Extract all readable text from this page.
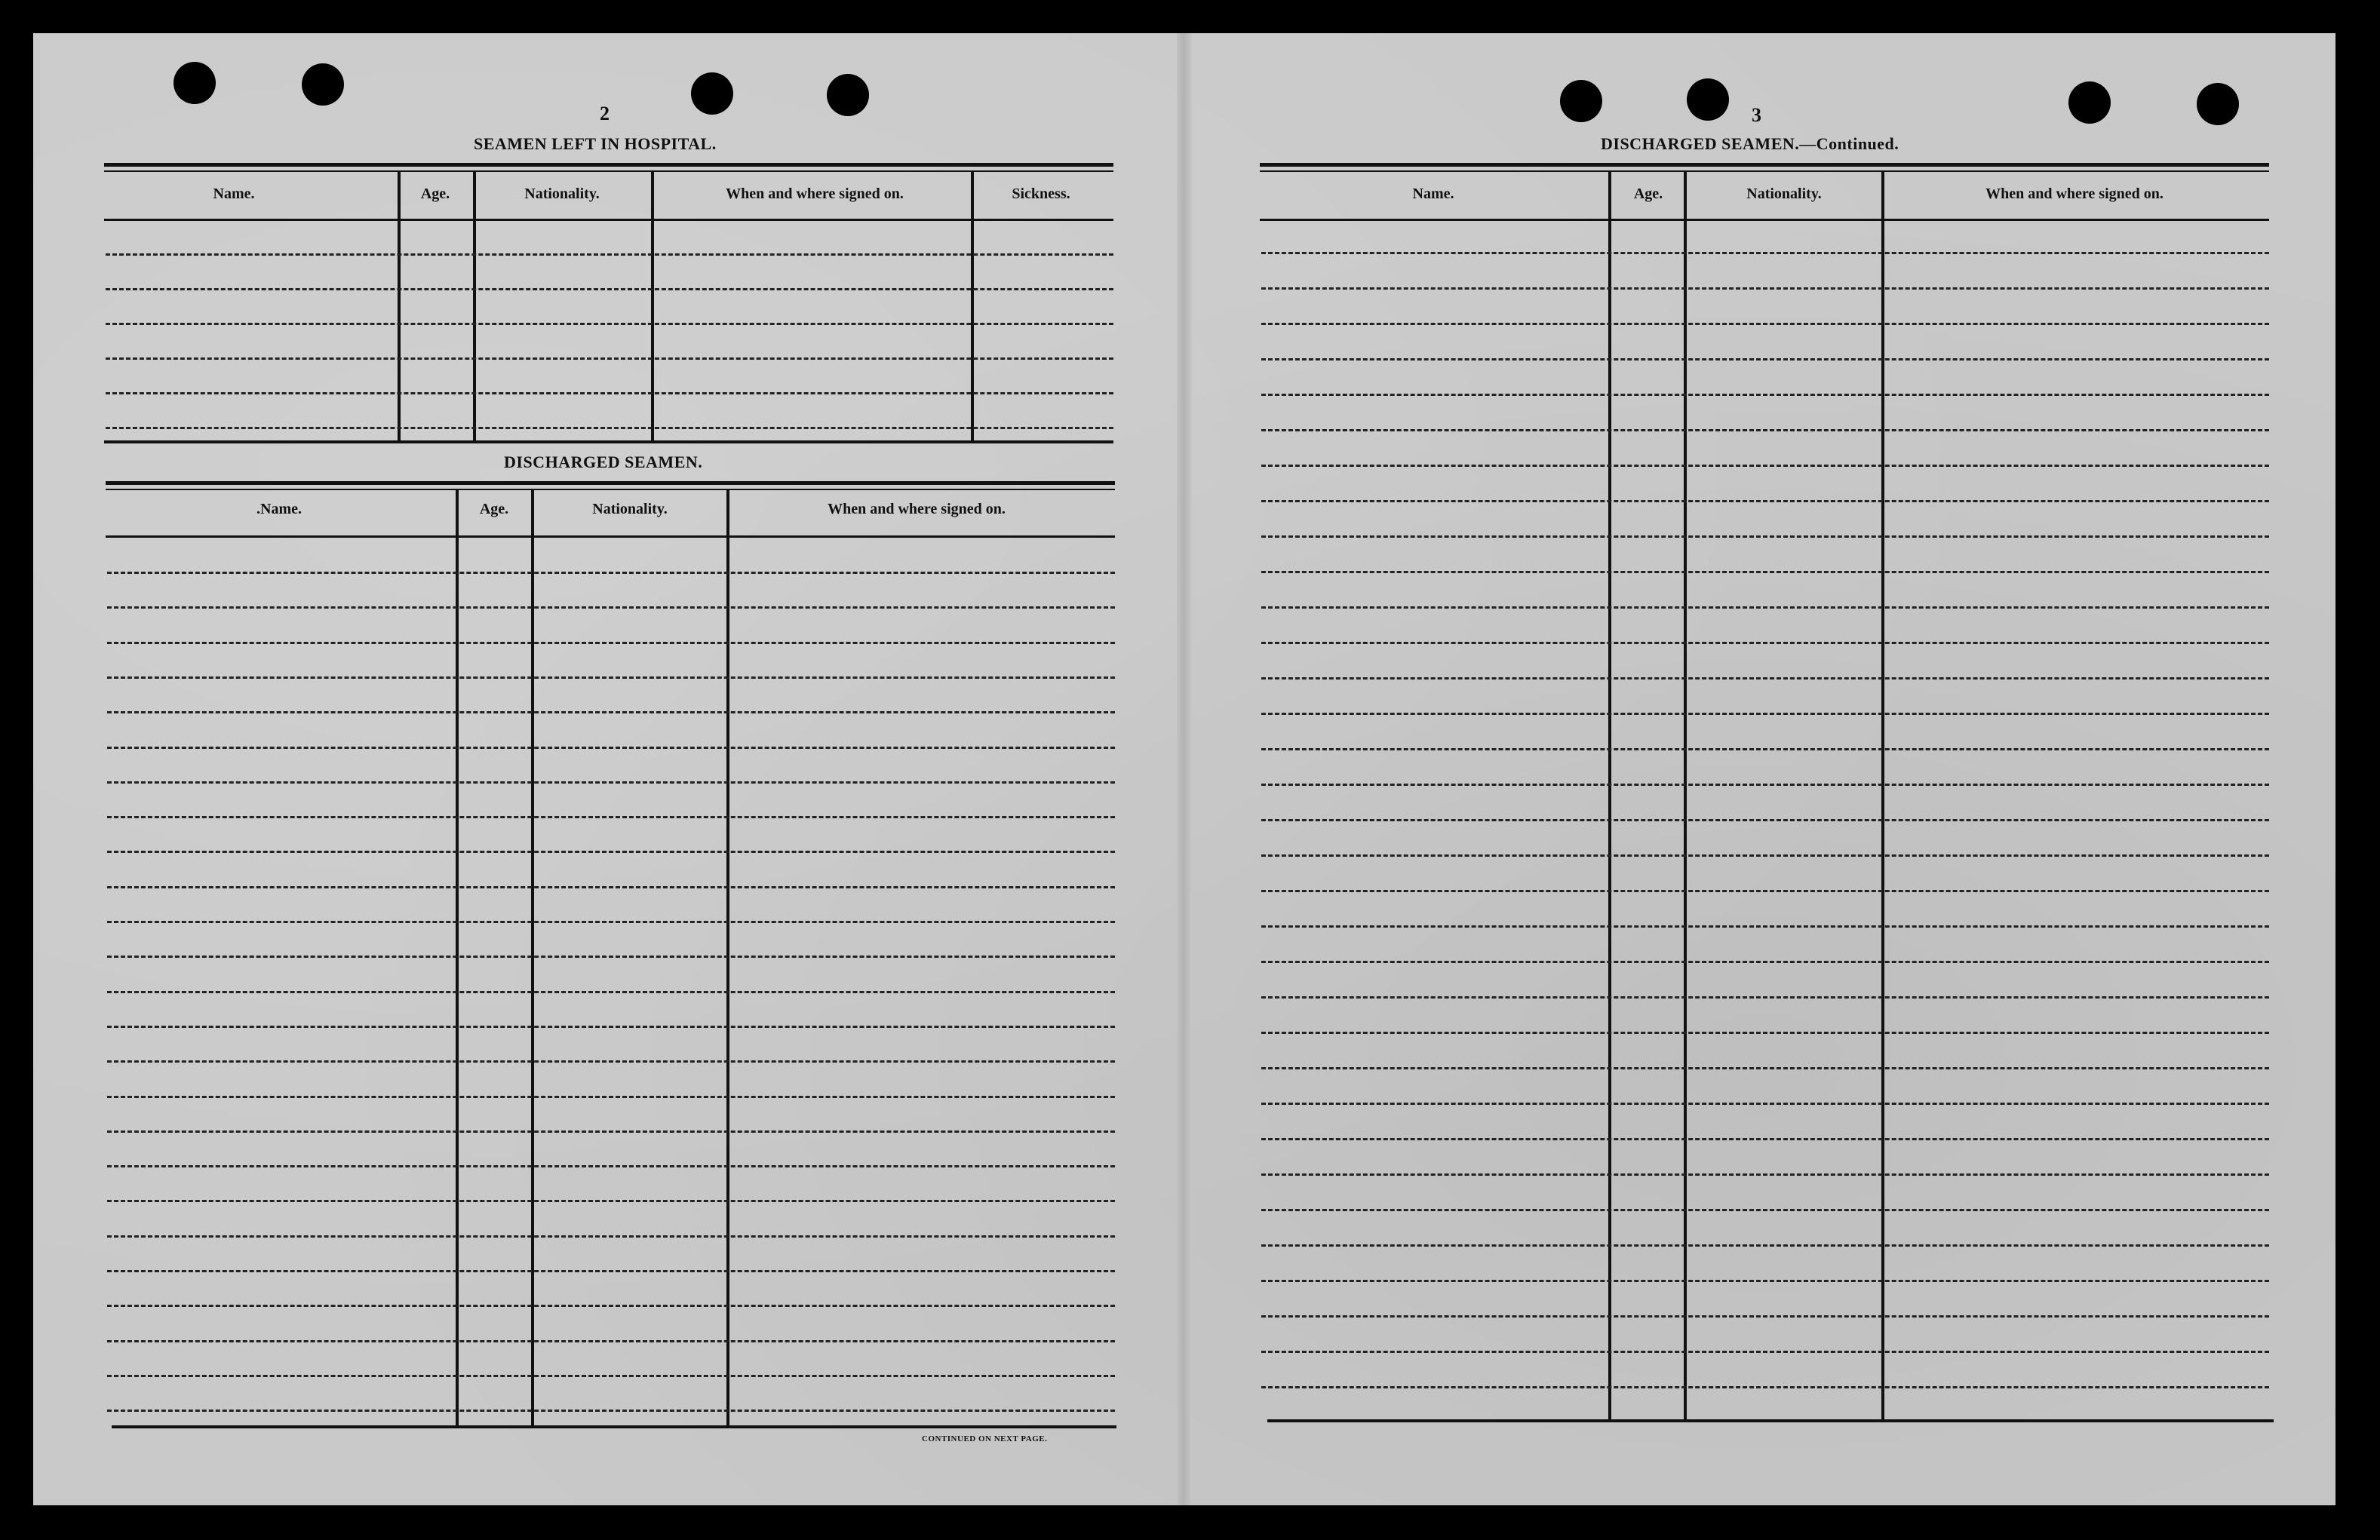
2
SEAMEN LEFT IN HOSPITAL.
Name.	Age.	Nationality.	When and where signed on.	Sickness.
DISCHARGED SEAMEN.
.Name.	Age.	Nationality.	When and where signed on.
CONTINUED ON NEXT PAGE.
3
DISCHARGED SEAMEN.—Continued.
Name.	Age.	Nationality.	When and where signed on.
